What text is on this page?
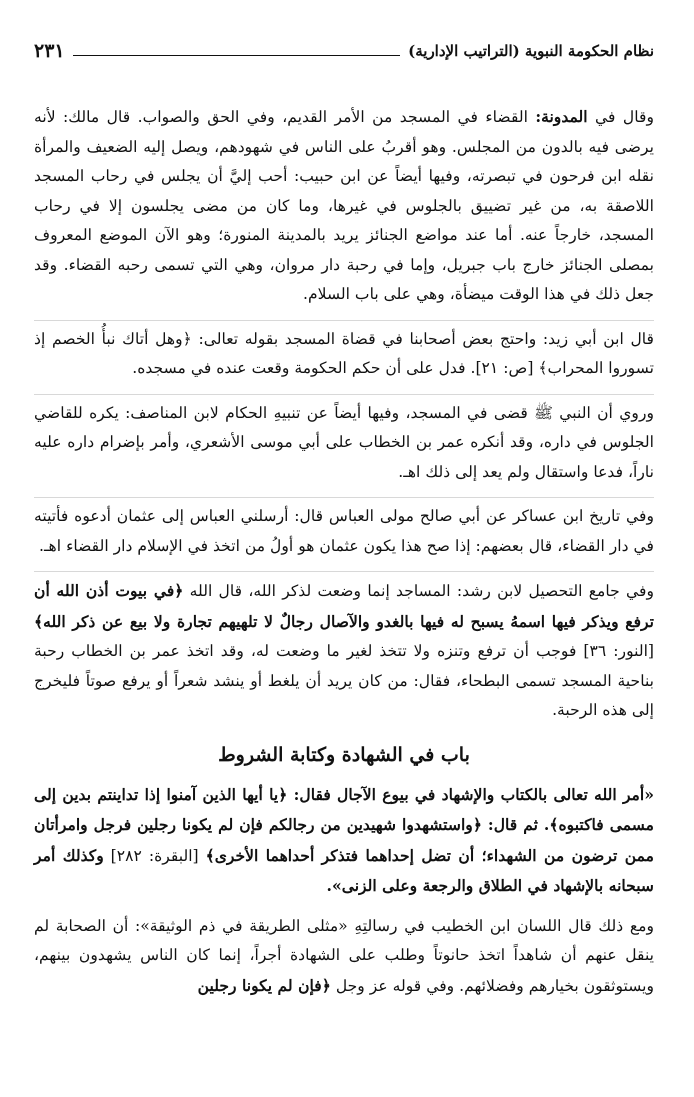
نظام الحكومة النبوية (التراتيب الإدارية)
٢٣١

وقال في المدونة: القضاء في المسجد من الأمر القديم، وفي الحق والصواب. قال مالك: لأنه يرضى فيه بالدون من المجلس. وهو أقربُ على الناس في شهودهم، ويصل إليه الضعيف والمرأة نقله ابن فرحون في تبصرته، وفيها أيضاً عن ابن حبيب: أحب إليَّ أن يجلس في رحاب المسجد اللاصقة به، من غير تضييق بالجلوس في غيرها، وما كان من مضى يجلسون إلا في رحاب المسجد، خارجاً عنه. أما عند مواضع الجنائز يريد بالمدينة المنورة؛ وهو الآن الموضع المعروف بمصلى الجنائز خارج باب جبريل، وإما في رحبة دار مروان، وهي التي تسمى رحبه القضاء. وقد جعل ذلك في هذا الوقت ميضأة، وهي على باب السلام.

قال ابن أبي زيد: واحتج بعض أصحابنا في قضاة المسجد بقوله تعالى: ﴿وهل أتاك نبأُ الخصم إذ تسوروا المحراب﴾ [ص: ٢١]. فدل على أن حكم الحكومة وقعت عنده في مسجده.

وروي أن النبي ﷺ قضى في المسجد، وفيها أيضاً عن تنبيهِ الحكام لابن المناصف: يكره للقاضي الجلوس في داره، وقد أنكره عمر بن الخطاب على أبي موسى الأشعري، وأمر بإضرام داره عليه ناراً، فدعا واستقال ولم يعد إلى ذلك اهـ.

وفي تاريخ ابن عساكر عن أبي صالح مولى العباس قال: أرسلني العباس إلى عثمان أدعوه فأتيته في دار القضاء، قال بعضهم: إذا صح هذا يكون عثمان هو أولُ من اتخذ في الإسلام دار القضاء اهـ.

وفي جامع التحصيل لابن رشد: المساجد إنما وضعت لذكر الله، قال الله ﴿في بيوت أذن الله أن ترفع ويذكر فيها اسمهُ يسبح له فيها بالغدو والآصال رجالٌ لا تلهيهم تجارة ولا بيع عن ذكر الله﴾ [النور: ٣٦] فوجب أن ترفع وتنزه ولا تتخذ لغير ما وضعت له، وقد اتخذ عمر بن الخطاب رحبة بناحية المسجد تسمى البطحاء، فقال: من كان يريد أن يلغط أو ينشد شعراً أو يرفع صوتاً فليخرج إلى هذه الرحبة.

باب في الشهادة وكتابة الشروط

«أمر الله تعالى بالكتاب والإشهاد في بيوع الآجال فقال: ﴿يا أيها الذين آمنوا إذا تداينتم بدين إلى مسمى فاكتبوه﴾. ثم قال: ﴿واستشهدوا شهيدين من رجالكم فإن لم يكونا رجلين فرجل وامرأتان ممن ترضون من الشهداء؛ أن تضل إحداهما فتذكر أحداهما الأخرى﴾ [البقرة: ٢٨٢] وكذلك أمر سبحانه بالإشهاد في الطلاق والرجعة وعلى الزنى».

ومع ذلك قال اللسان ابن الخطيب في رسالتِهِ «مثلى الطريقة في ذم الوثيقة»: أن الصحابة لم ينقل عنهم أن شاهداً اتخذ حانوتاً وطلب على الشهادة أجراً، إنما كان الناس يشهدون بينهم، ويستوثقون بخيارهم وفضلائهم. وفي قوله عز وجل ﴿فإن لم يكونا رجلين
